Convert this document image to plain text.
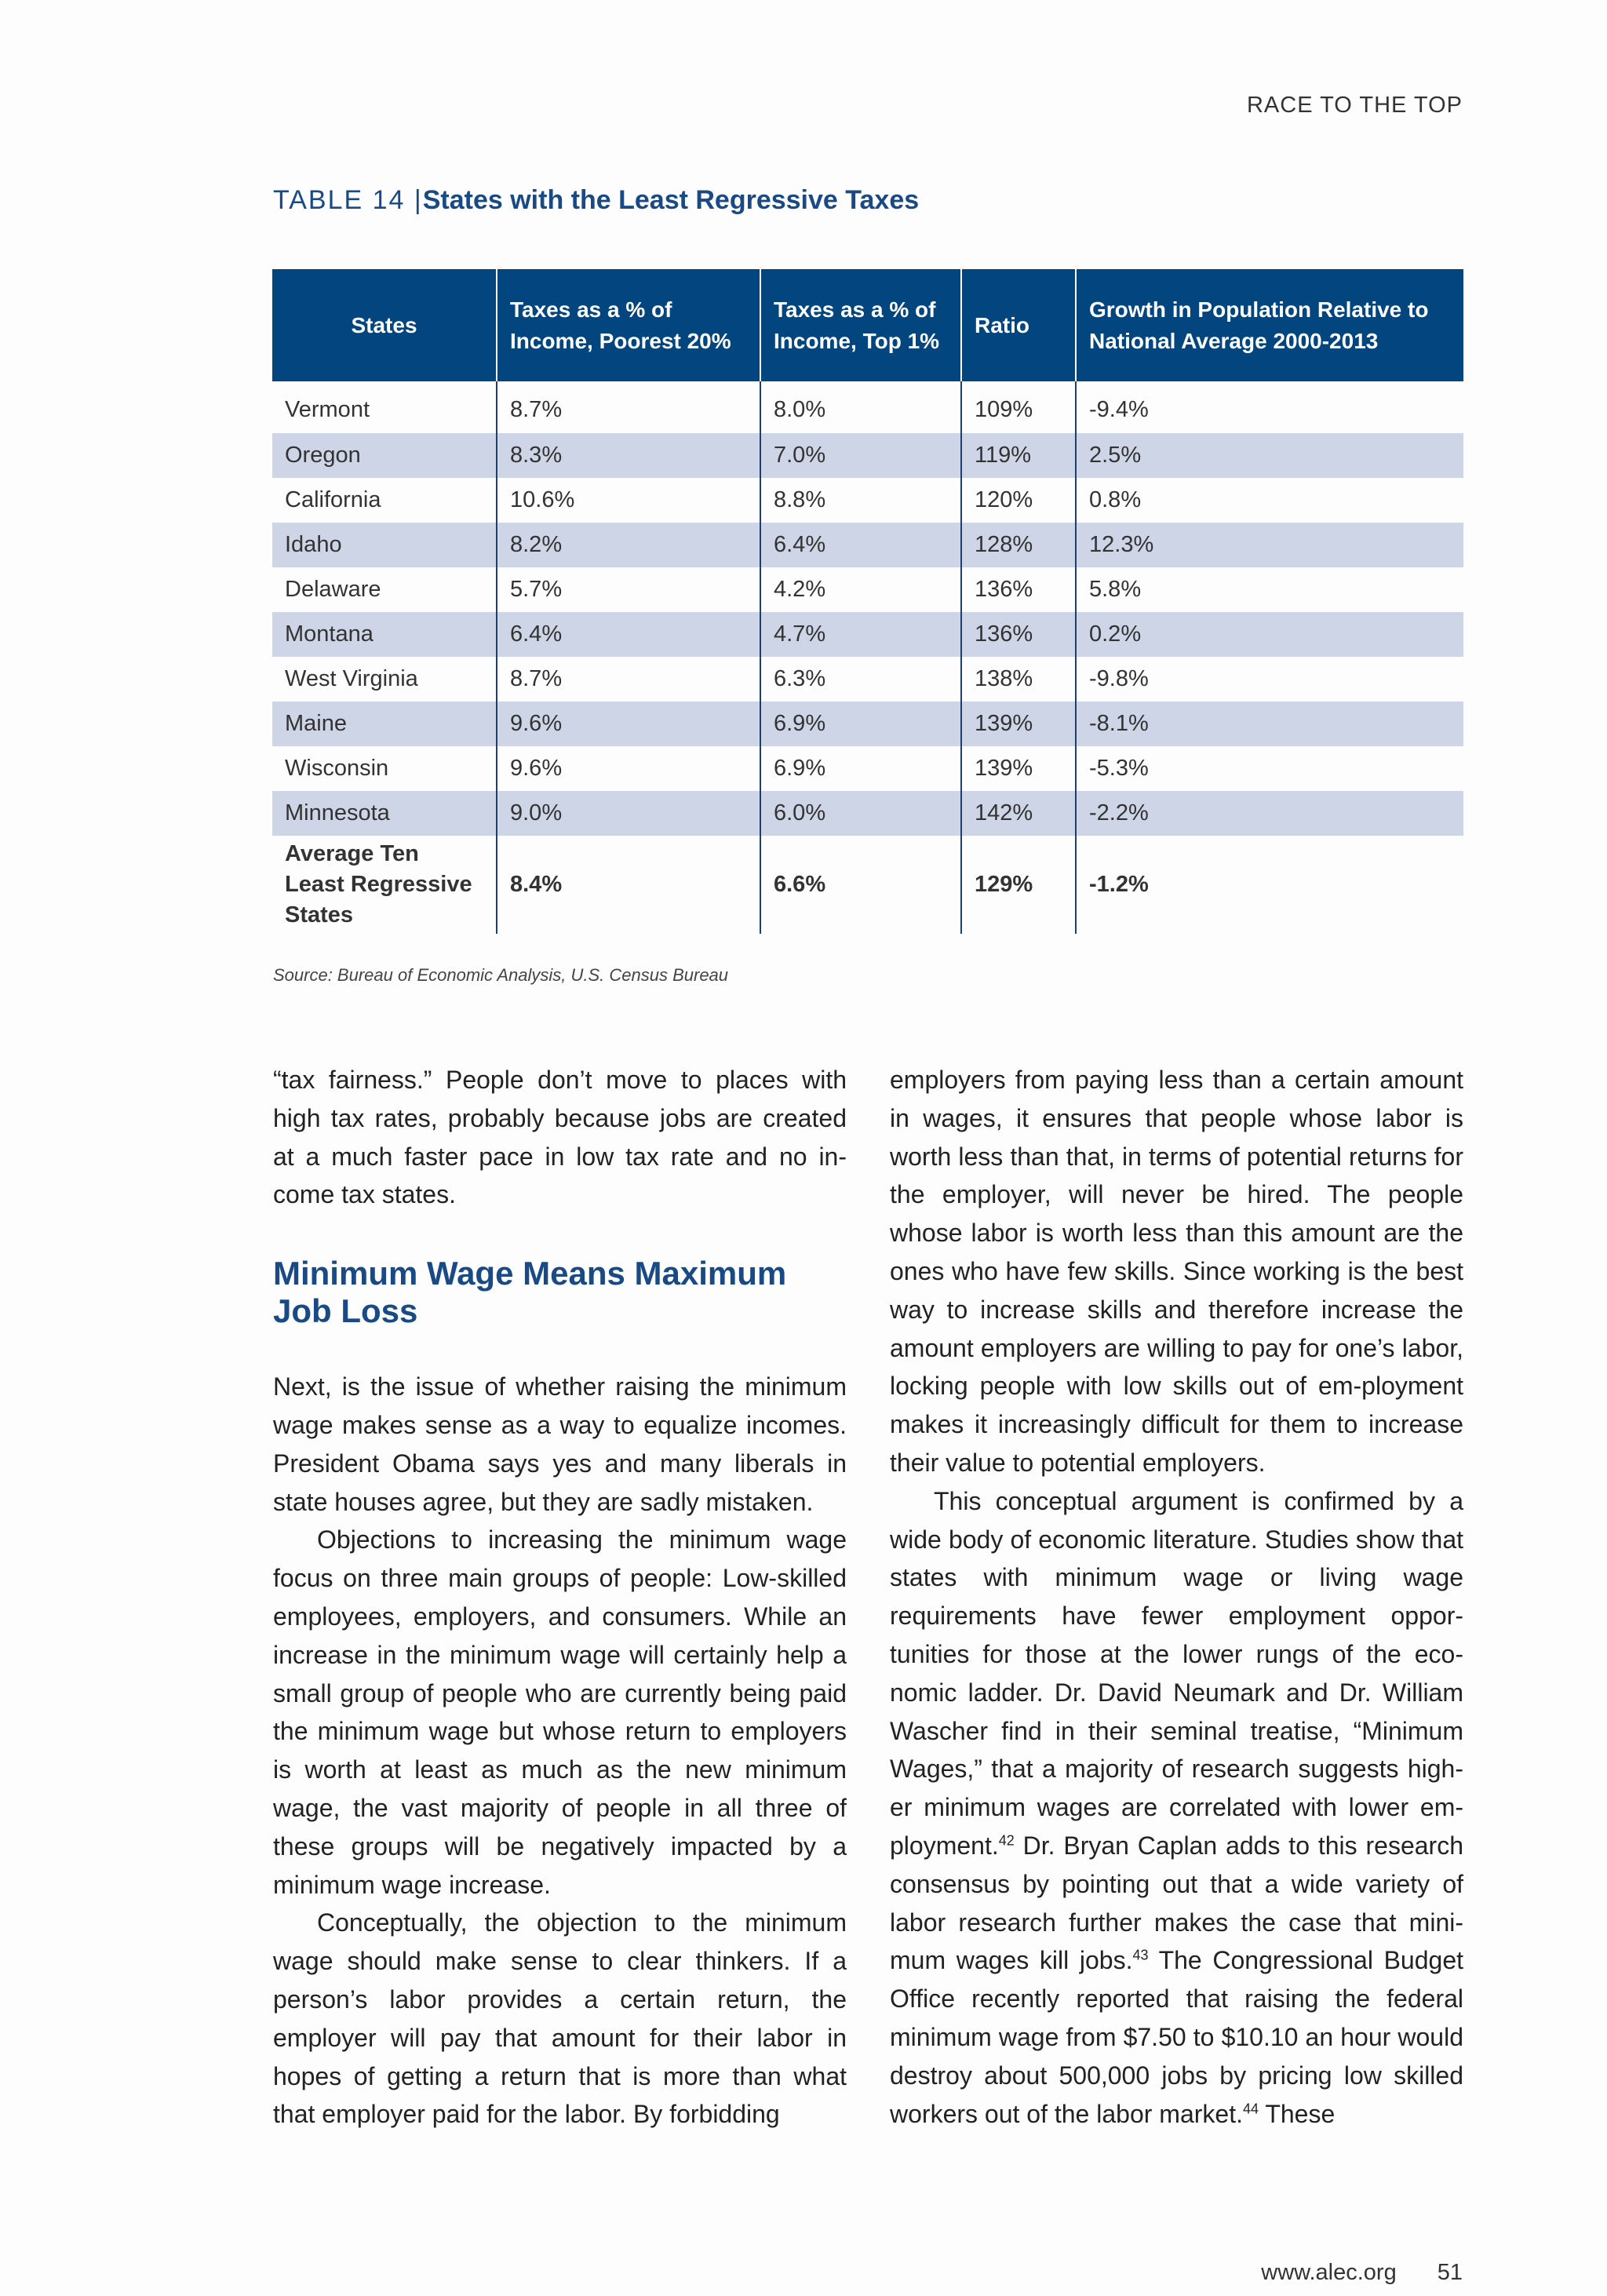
RACE TO THE TOP
TABLE 14 |States with the Least Regressive Taxes
States	Taxes as a % of Income, Poorest 20%	Taxes as a % of Income, Top 1%	Ratio	Growth in Population Relative to National Average 2000-2013
Vermont	8.7%	8.0%	109%	-9.4%
Oregon	8.3%	7.0%	119%	2.5%
California	10.6%	8.8%	120%	0.8%
Idaho	8.2%	6.4%	128%	12.3%
Delaware	5.7%	4.2%	136%	5.8%
Montana	6.4%	4.7%	136%	0.2%
West Virginia	8.7%	6.3%	138%	-9.8%
Maine	9.6%	6.9%	139%	-8.1%
Wisconsin	9.6%	6.9%	139%	-5.3%
Minnesota	9.0%	6.0%	142%	-2.2%
Average Ten Least Regressive States	8.4%	6.6%	129%	-1.2%
Source: Bureau of Economic Analysis, U.S. Census Bureau

“tax fairness.” People don’t move to places with high tax rates, probably because jobs are created at a much faster pace in low tax rate and no in-come tax states.

Minimum Wage Means Maximum Job Loss

Next, is the issue of whether raising the minimum wage makes sense as a way to equalize incomes. President Obama says yes and many liberals in state houses agree, but they are sadly mistaken.

Objections to increasing the minimum wage focus on three main groups of people: Low-skilled employees, employers, and consumers. While an increase in the minimum wage will certainly help a small group of people who are currently being paid the minimum wage but whose return to employers is worth at least as much as the new minimum wage, the vast majority of people in all three of these groups will be negatively impacted by a minimum wage increase.

Conceptually, the objection to the minimum wage should make sense to clear thinkers. If a person’s labor provides a certain return, the employer will pay that amount for their labor in hopes of getting a return that is more than what that employer paid for the labor. By forbidding

employers from paying less than a certain amount in wages, it ensures that people whose labor is worth less than that, in terms of potential returns for the employer, will never be hired. The people whose labor is worth less than this amount are the ones who have few skills. Since working is the best way to increase skills and therefore increase the amount employers are willing to pay for one’s labor, locking people with low skills out of em-ployment makes it increasingly difficult for them to increase their value to potential employers.

This conceptual argument is confirmed by a wide body of economic literature. Studies show that states with minimum wage or living wage requirements have fewer employment oppor-tunities for those at the lower rungs of the eco-nomic ladder. Dr. David Neumark and Dr. William Wascher find in their seminal treatise, “Minimum Wages,” that a majority of research suggests high-er minimum wages are correlated with lower em-ployment.$^{42}$ Dr. Bryan Caplan adds to this research consensus by pointing out that a wide variety of labor research further makes the case that mini-mum wages kill jobs.$^{43}$ The Congressional Budget Office recently reported that raising the federal minimum wage from $7.50 to $10.10 an hour would destroy about 500,000 jobs by pricing low skilled workers out of the labor market.$^{44}$ These

www.alec.org 51
